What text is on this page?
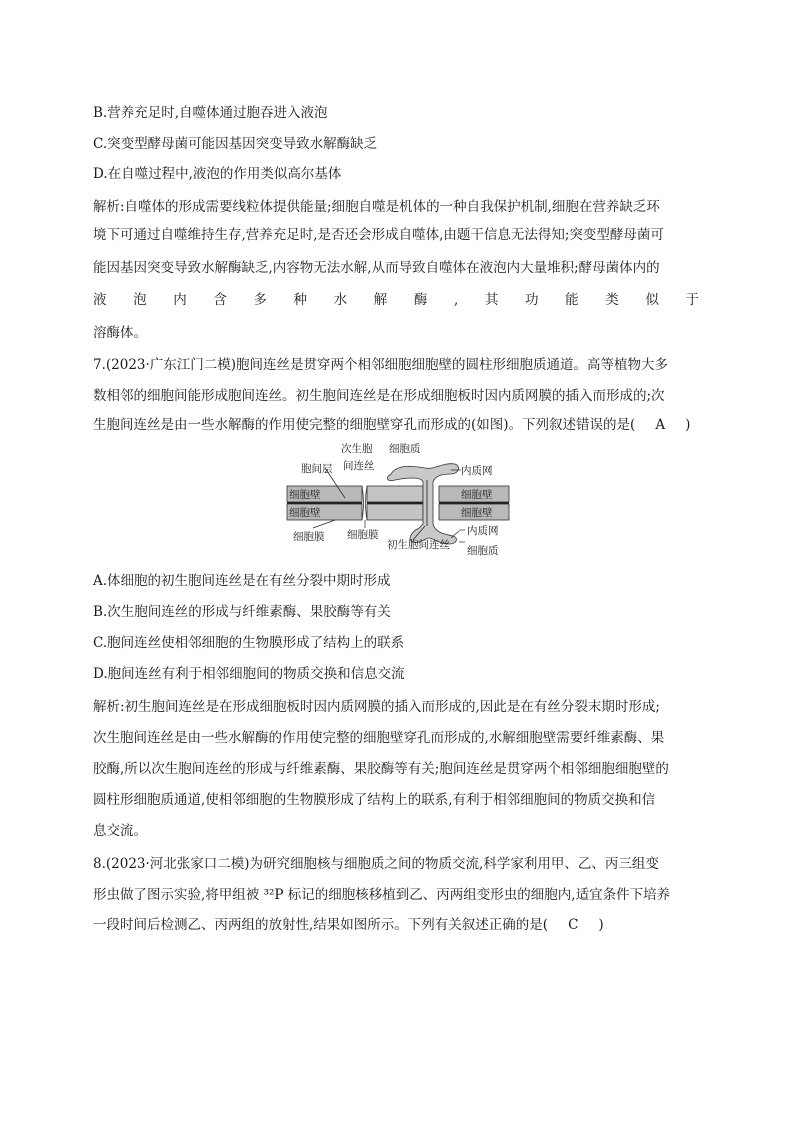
B.营养充足时,自噬体通过胞吞进入液泡

C.突变型酵母菌可能因基因突变导致水解酶缺乏

D.在自噬过程中,液泡的作用类似高尔基体

解析:自噬体的形成需要线粒体提供能量;细胞自噬是机体的一种自我保护机制,细胞在营养缺乏环

境下可通过自噬维持生存,营养充足时,是否还会形成自噬体,由题干信息无法得知;突变型酵母菌可

能因基因突变导致水解酶缺乏,内容物无法水解,从而导致自噬体在液泡内大量堆积;酵母菌体内的

液 泡 内 含 多 种 水 解 酶 , 其 功 能 类 似 于

溶酶体。

7.(2023·广东江门二模)胞间连丝是贯穿两个相邻细胞细胞壁的圆柱形细胞质通道。高等植物大多

数相邻的细胞间能形成胞间连丝。初生胞间连丝是在形成细胞板时因内质网膜的插入而形成的;次

生胞间连丝是由一些水解酶的作用使完整的细胞壁穿孔而形成的(如图)。下列叙述错误的是( A )

次生胞
间连丝
细胞质
胞间层	内质网
细胞壁
细胞壁
细胞壁
细胞壁
细胞膜 细胞膜
初生胞间连丝
内质网
细胞质

A.体细胞的初生胞间连丝是在有丝分裂中期时形成

B.次生胞间连丝的形成与纤维素酶、果胶酶等有关

C.胞间连丝使相邻细胞的生物膜形成了结构上的联系

D.胞间连丝有利于相邻细胞间的物质交换和信息交流

解析:初生胞间连丝是在形成细胞板时因内质网膜的插入而形成的,因此是在有丝分裂末期时形成;

次生胞间连丝是由一些水解酶的作用使完整的细胞壁穿孔而形成的,水解细胞壁需要纤维素酶、果

胶酶,所以次生胞间连丝的形成与纤维素酶、果胶酶等有关;胞间连丝是贯穿两个相邻细胞细胞壁的

圆柱形细胞质通道,使相邻细胞的生物膜形成了结构上的联系,有利于相邻细胞间的物质交换和信

息交流。

8.(2023·河北张家口二模)为研究细胞核与细胞质之间的物质交流,科学家利用甲、乙、丙三组变

形虫做了图示实验,将甲组被 ³²P 标记的细胞核移植到乙、丙两组变形虫的细胞内,适宜条件下培养

一段时间后检测乙、丙两组的放射性,结果如图所示。下列有关叙述正确的是( C )
